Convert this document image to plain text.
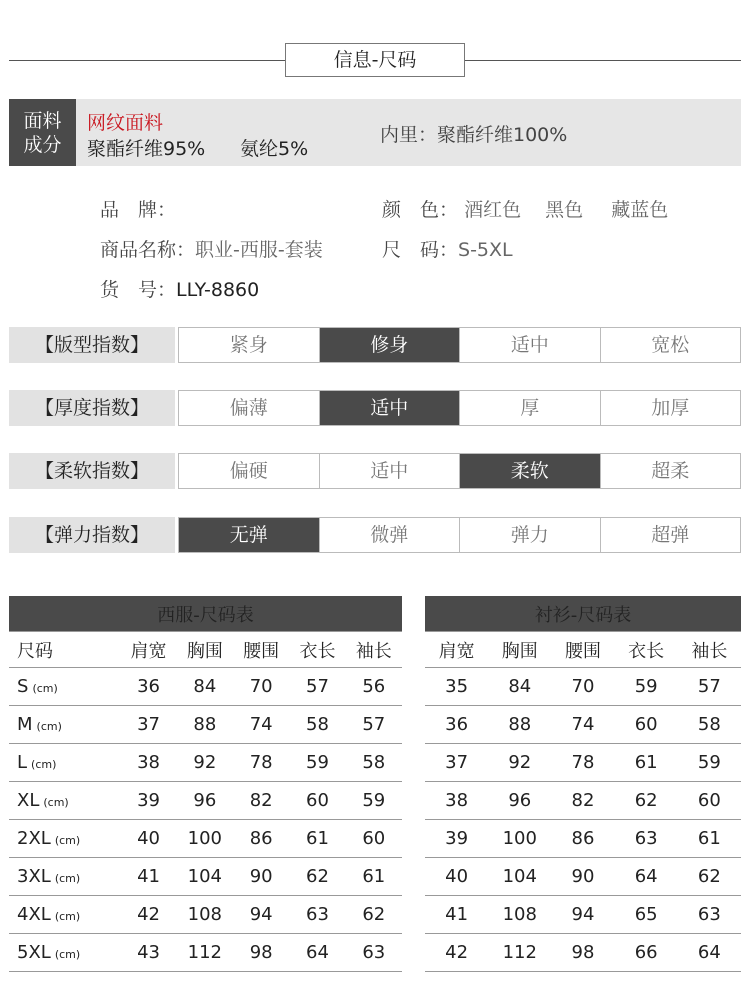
信息-尺码
面料
成分
网纹面料
聚酯纤维95% 氨纶5%
内里：聚酯纤维100%
品　牌：
商品名称：职业-西服-套装
货　号：LLY-8860
颜　色： 酒红色 黑色 藏蓝色
尺　码：S-5XL
【版型指数】	紧身	修身	适中	宽松
【厚度指数】	偏薄	适中	厚	加厚
【柔软指数】	偏硬	适中	柔软	超柔
【弹力指数】	无弹	微弹	弹力	超弹
西服-尺码表					
尺码	肩宽	胸围	腰围	衣长	袖长
S (cm)	36	84	70	57	56
M (cm)	37	88	74	58	57
L (cm)	38	92	78	59	58
XL (cm)	39	96	82	60	59
2XL (cm)	40	100	86	61	60
3XL (cm)	41	104	90	62	61
4XL (cm)	42	108	94	63	62
5XL (cm)	43	112	98	64	63
衬衫-尺码表				
肩宽	胸围	腰围	衣长	袖长
35	84	70	59	57
36	88	74	60	58
37	92	78	61	59
38	96	82	62	60
39	100	86	63	61
40	104	90	64	62
41	108	94	65	63
42	112	98	66	64
